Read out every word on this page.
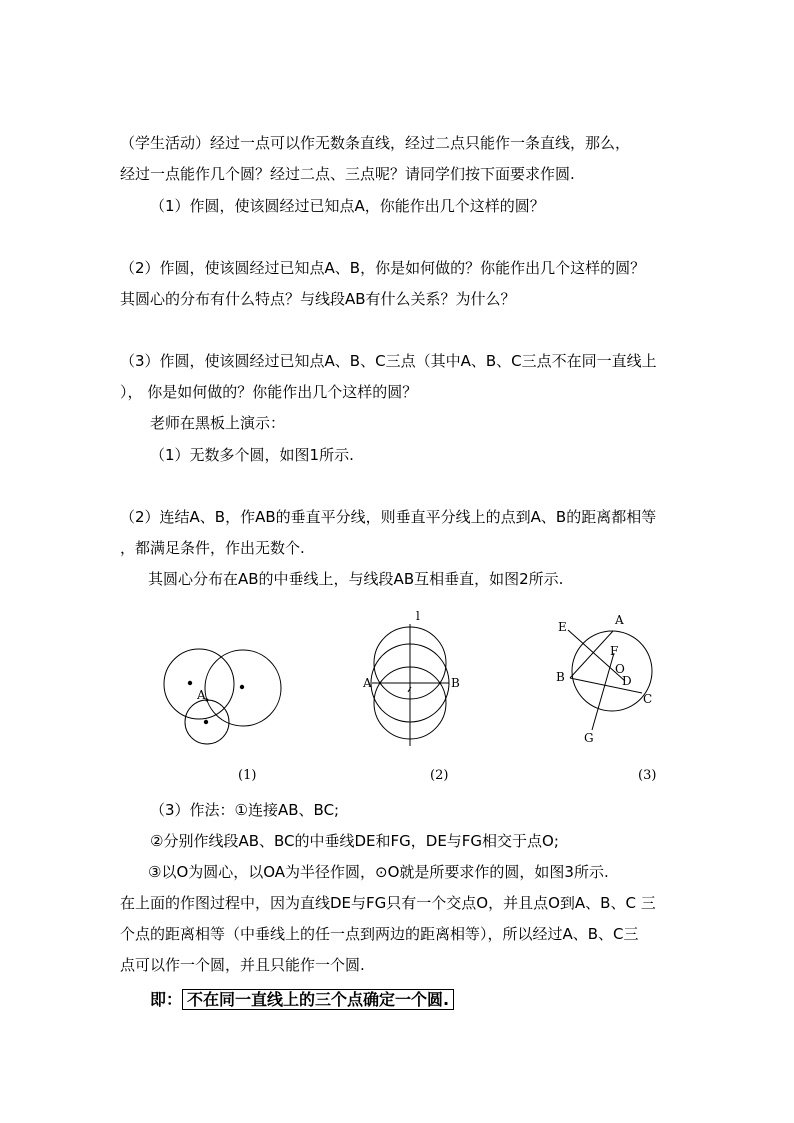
（学生活动）经过一点可以作无数条直线，经过二点只能作一条直线，那么，
经过一点能作几个圆？经过二点、三点呢？请同学们按下面要求作圆.
（1）作圆，使该圆经过已知点A，你能作出几个这样的圆？
（2）作圆，使该圆经过已知点A、B，你是如何做的？你能作出几个这样的圆？
其圆心的分布有什么特点？与线段AB有什么关系？为什么？
（3）作圆，使该圆经过已知点A、B、C三点（其中A、B、C三点不在同一直线上
）， 你是如何做的？你能作出几个这样的圆？
老师在黑板上演示：
（1）无数多个圆，如图1所示.
（2）连结A、B，作AB的垂直平分线，则垂直平分线上的点到A、B的距离都相等
，都满足条件，作出无数个.
其圆心分布在AB的中垂线上，与线段AB互相垂直，如图2所示.
A
l
A	B
E	A
F
O
B	D
C
G
(1)	(2)	(3)
（3）作法：①连接AB、BC;
②分别作线段AB、BC的中垂线DE和FG，DE与FG相交于点O;
③以O为圆心，以OA为半径作圆，⊙O就是所要求作的圆，如图3所示.
在上面的作图过程中，因为直线DE与FG只有一个交点O，并且点O到A、B、C 三
个点的距离相等（中垂线上的任一点到两边的距离相等），所以经过A、B、C三
点可以作一个圆，并且只能作一个圆.
即： 不在同一直线上的三个点确定一个圆.
